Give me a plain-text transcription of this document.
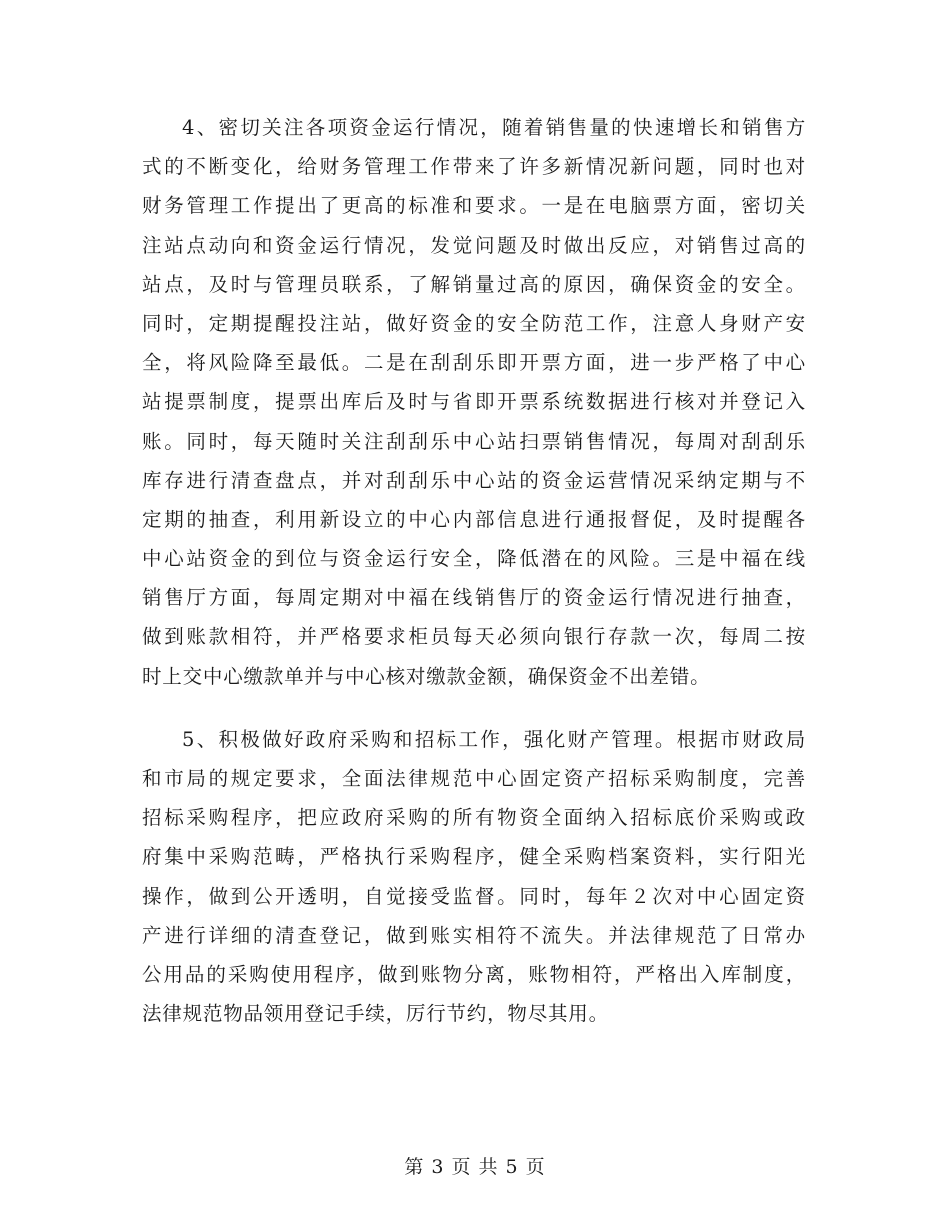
4、密切关注各项资金运行情况，随着销售量的快速增长和销售方
式的不断变化，给财务管理工作带来了许多新情况新问题，同时也对
财务管理工作提出了更高的标准和要求。一是在电脑票方面，密切关
注站点动向和资金运行情况，发觉问题及时做出反应，对销售过高的
站点，及时与管理员联系，了解销量过高的原因，确保资金的安全。
同时，定期提醒投注站，做好资金的安全防范工作，注意人身财产安
全，将风险降至最低。二是在刮刮乐即开票方面，进一步严格了中心
站提票制度，提票出库后及时与省即开票系统数据进行核对并登记入
账。同时，每天随时关注刮刮乐中心站扫票销售情况，每周对刮刮乐
库存进行清查盘点，并对刮刮乐中心站的资金运营情况采纳定期与不
定期的抽查，利用新设立的中心内部信息进行通报督促，及时提醒各
中心站资金的到位与资金运行安全，降低潜在的风险。三是中福在线
销售厅方面，每周定期对中福在线销售厅的资金运行情况进行抽查，
做到账款相符，并严格要求柜员每天必须向银行存款一次，每周二按
时上交中心缴款单并与中心核对缴款金额，确保资金不出差错。
5、积极做好政府采购和招标工作，强化财产管理。根据市财政局
和市局的规定要求，全面法律规范中心固定资产招标采购制度，完善
招标采购程序，把应政府采购的所有物资全面纳入招标底价采购或政
府集中采购范畴，严格执行采购程序，健全采购档案资料，实行阳光
操作，做到公开透明，自觉接受监督。同时，每年２次对中心固定资
产进行详细的清查登记，做到账实相符不流失。并法律规范了日常办
公用品的采购使用程序，做到账物分离，账物相符，严格出入库制度，
法律规范物品领用登记手续，厉行节约，物尽其用。
第 3 页 共 5 页
